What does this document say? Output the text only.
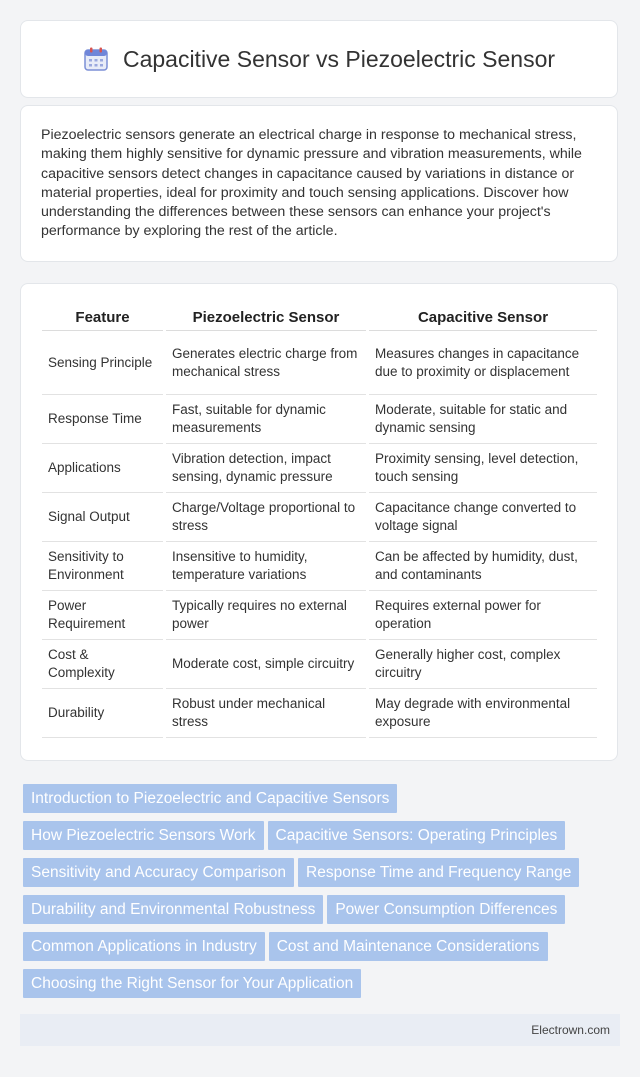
Capacitive Sensor vs Piezoelectric Sensor

Piezoelectric sensors generate an electrical charge in response to mechanical stress, making them highly sensitive for dynamic pressure and vibration measurements, while capacitive sensors detect changes in capacitance caused by variations in distance or material properties, ideal for proximity and touch sensing applications. Discover how understanding the differences between these sensors can enhance your project's performance by exploring the rest of the article.

Feature	Piezoelectric Sensor	Capacitive Sensor
Sensing Principle	Generates electric charge from mechanical stress	Measures changes in capacitance due to proximity or displacement
Response Time	Fast, suitable for dynamic measurements	Moderate, suitable for static and dynamic sensing
Applications	Vibration detection, impact sensing, dynamic pressure	Proximity sensing, level detection, touch sensing
Signal Output	Charge/Voltage proportional to stress	Capacitance change converted to voltage signal
Sensitivity to Environment	Insensitive to humidity, temperature variations	Can be affected by humidity, dust, and contaminants
Power Requirement	Typically requires no external power	Requires external power for operation
Cost & Complexity	Moderate cost, simple circuitry	Generally higher cost, complex circuitry
Durability	Robust under mechanical stress	May degrade with environmental exposure
Introduction to Piezoelectric and Capacitive SensorsHow Piezoelectric Sensors Work Capacitive Sensors: Operating PrinciplesSensitivity and Accuracy Comparison Response Time and Frequency RangeDurability and Environmental Robustness Power Consumption DifferencesCommon Applications in Industry Cost and Maintenance ConsiderationsChoosing the Right Sensor for Your Application
Electrown.com
